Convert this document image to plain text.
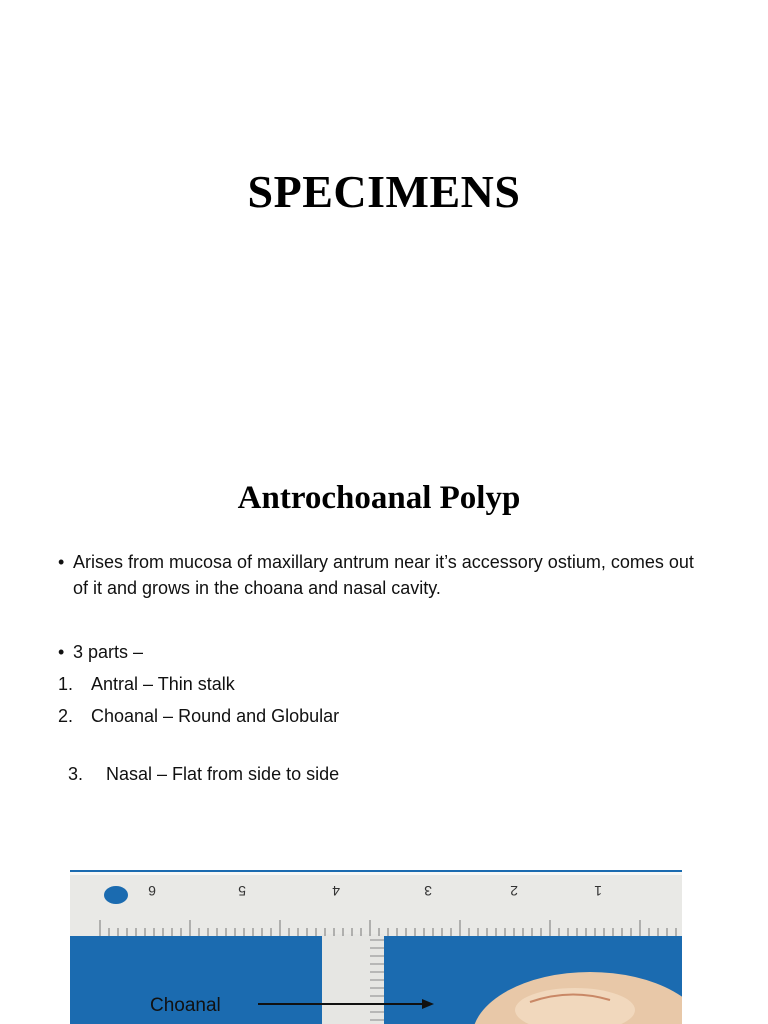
SPECIMENS
Antrochoanal Polyp
• Arises from mucosa of maxillary antrum near it’s accessory ostium, comes out of it and grows in the choana and nasal cavity.
• 3 parts –
1. Antral – Thin stalk
2. Choanal – Round and Globular

3. Nasal – Flat from side to side

6	5	4	3	2	1
Choanal
